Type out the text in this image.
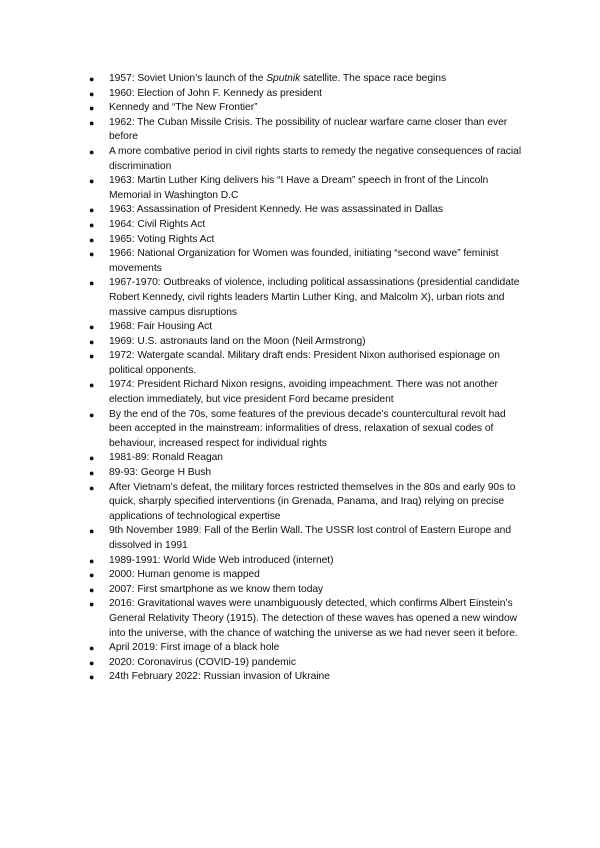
● 1957: Soviet Union’s launch of the Sputnik satellite. The space race begins
● 1960: Election of John F. Kennedy as president
● Kennedy and “The New Frontier”
● 1962: The Cuban Missile Crisis. The possibility of nuclear warfare came closer than ever before
● A more combative period in civil rights starts to remedy the negative consequences of racial discrimination
● 1963: Martin Luther King delivers his “I Have a Dream” speech in front of the Lincoln Memorial in Washington D.C
● 1963: Assassination of President Kennedy. He was assassinated in Dallas
● 1964: Civil Rights Act
● 1965: Voting Rights Act
● 1966: National Organization for Women was founded, initiating “second wave” feminist movements
● 1967-1970: Outbreaks of violence, including political assassinations (presidential candidate Robert Kennedy, civil rights leaders Martin Luther King, and Malcolm X), urban riots and massive campus disruptions
● 1968: Fair Housing Act
● 1969: U.S. astronauts land on the Moon (Neil Armstrong)
● 1972: Watergate scandal. Military draft ends: President Nixon authorised espionage on political opponents.
● 1974: President Richard Nixon resigns, avoiding impeachment. There was not another election immediately, but vice president Ford became president
● By the end of the 70s, some features of the previous decade’s countercultural revolt had been accepted in the mainstream: informalities of dress, relaxation of sexual codes of behaviour, increased respect for individual rights
● 1981-89: Ronald Reagan
● 89-93: George H Bush
● After Vietnam’s defeat, the military forces restricted themselves in the 80s and early 90s to quick, sharply specified interventions (in Grenada, Panama, and Iraq) relying on precise applications of technological expertise
● 9th November 1989: Fall of the Berlin Wall. The USSR lost control of Eastern Europe and dissolved in 1991
● 1989-1991: World Wide Web introduced (internet)
● 2000: Human genome is mapped
● 2007: First smartphone as we know them today
● 2016: Gravitational waves were unambiguously detected, which confirms Albert Einstein’s General Relativity Theory (1915). The detection of these waves has opened a new window into the universe, with the chance of watching the universe as we had never seen it before.
● April 2019: First image of a black hole
● 2020: Coronavirus (COVID-19) pandemic
● 24th February 2022: Russian invasion of Ukraine
